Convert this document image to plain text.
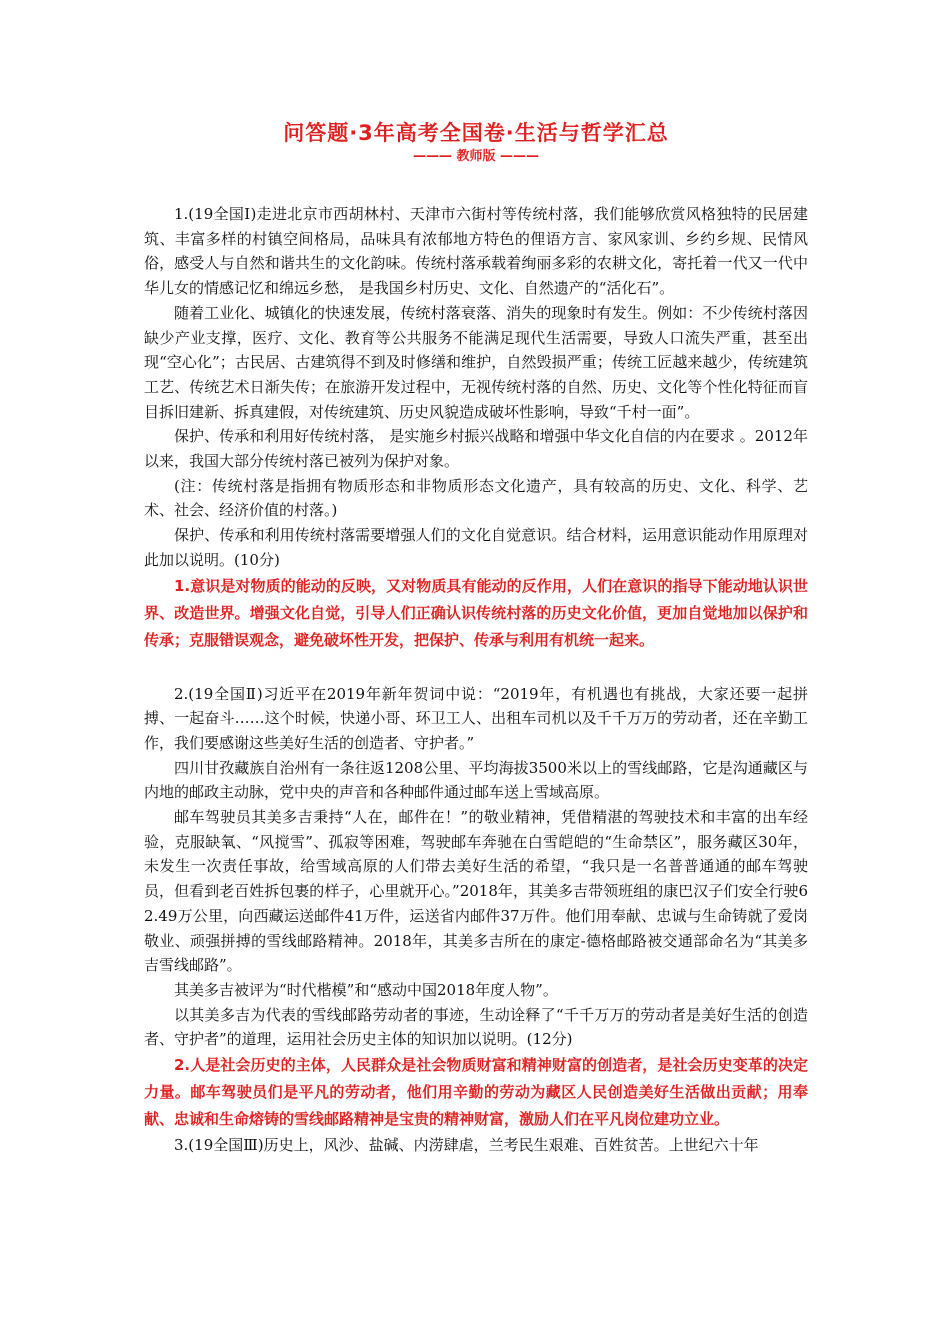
问答题·3年高考全国卷·生活与哲学汇总
——— 教师版 ———

1.(19全国Ⅰ)走进北京市西胡林村、天津市六街村等传统村落，我们能够欣赏风格独特的民居建筑、丰富多样的村镇空间格局，品味具有浓郁地方特色的俚语方言、家风家训、乡约乡规、民情风俗，感受人与自然和谐共生的文化韵味。传统村落承载着绚丽多彩的农耕文化，寄托着一代又一代中华儿女的情感记忆和绵远乡愁， 是我国乡村历史、文化、自然遗产的“活化石”。

随着工业化、城镇化的快速发展，传统村落衰落、消失的现象时有发生。例如：不少传统村落因缺少产业支撑，医疗、文化、教育等公共服务不能满足现代生活需要，导致人口流失严重，甚至出现“空心化”；古民居、古建筑得不到及时修缮和维护，自然毁损严重；传统工匠越来越少，传统建筑工艺、传统艺术日渐失传；在旅游开发过程中，无视传统村落的自然、历史、文化等个性化特征而盲目拆旧建新、拆真建假，对传统建筑、历史风貌造成破坏性影响，导致“千村一面”。

保护、传承和利用好传统村落， 是实施乡村振兴战略和增强中华文化自信的内在要求 。2012年以来，我国大部分传统村落已被列为保护对象。

(注：传统村落是指拥有物质形态和非物质形态文化遗产，具有较高的历史、文化、科学、艺术、社会、经济价值的村落。)

保护、传承和利用传统村落需要增强人们的文化自觉意识。结合材料，运用意识能动作用原理对此加以说明。(10分)

1.意识是对物质的能动的反映，又对物质具有能动的反作用，人们在意识的指导下能动地认识世界、改造世界。增强文化自觉，引导人们正确认识传统村落的历史文化价值，更加自觉地加以保护和传承；克服错误观念，避免破坏性开发，把保护、传承与利用有机统一起来。

2.(19全国Ⅱ)习近平在2019年新年贺词中说：“2019年，有机遇也有挑战，大家还要一起拼搏、一起奋斗……这个时候，快递小哥、环卫工人、出租车司机以及千千万万的劳动者，还在辛勤工作，我们要感谢这些美好生活的创造者、守护者。”

四川甘孜藏族自治州有一条往返1208公里、平均海拔3500米以上的雪线邮路，它是沟通藏区与内地的邮政主动脉，党中央的声音和各种邮件通过邮车送上雪域高原。

邮车驾驶员其美多吉秉持“人在，邮件在！”的敬业精神，凭借精湛的驾驶技术和丰富的出车经验，克服缺氧、“风搅雪”、孤寂等困难，驾驶邮车奔驰在白雪皑皑的“生命禁区”，服务藏区30年，未发生一次责任事故，给雪域高原的人们带去美好生活的希望，“我只是一名普普通通的邮车驾驶员，但看到老百姓拆包裹的样子，心里就开心。”2018年，其美多吉带领班组的康巴汉子们安全行驶62.49万公里，向西藏运送邮件41万件，运送省内邮件37万件。他们用奉献、忠诚与生命铸就了爱岗敬业、顽强拼搏的雪线邮路精神。2018年，其美多吉所在的康定-德格邮路被交通部命名为“其美多吉雪线邮路”。

其美多吉被评为“时代楷模”和“感动中国2018年度人物”。

以其美多吉为代表的雪线邮路劳动者的事迹，生动诠释了“千千万万的劳动者是美好生活的创造者、守护者”的道理，运用社会历史主体的知识加以说明。(12分)

2.人是社会历史的主体，人民群众是社会物质财富和精神财富的创造者，是社会历史变革的决定力量。邮车驾驶员们是平凡的劳动者，他们用辛勤的劳动为藏区人民创造美好生活做出贡献；用奉献、忠诚和生命熔铸的雪线邮路精神是宝贵的精神财富，激励人们在平凡岗位建功立业。

3.(19全国Ⅲ)历史上，风沙、盐碱、内涝肆虐，兰考民生艰难、百姓贫苦。上世纪六十年
